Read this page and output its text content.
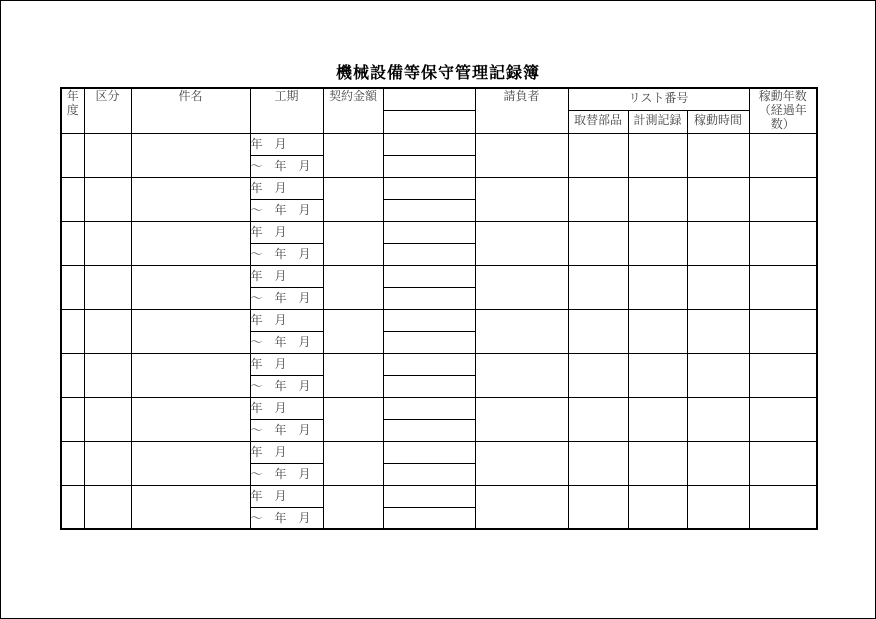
機械設備等保守管理記録簿
年度	区分	件名	工期	契約金額		請負者	リスト番号			稼動年数（経過年数）
							取替部品	計測記録	稼動時間	
			年　月							
			～　年　月							
			年　月							
			～　年　月							
			年　月							
			～　年　月							
			年　月							
			～　年　月							
			年　月							
			～　年　月							
			年　月							
			～　年　月							
			年　月							
			～　年　月							
			年　月							
			～　年　月							
			年　月							
			～　年　月							
